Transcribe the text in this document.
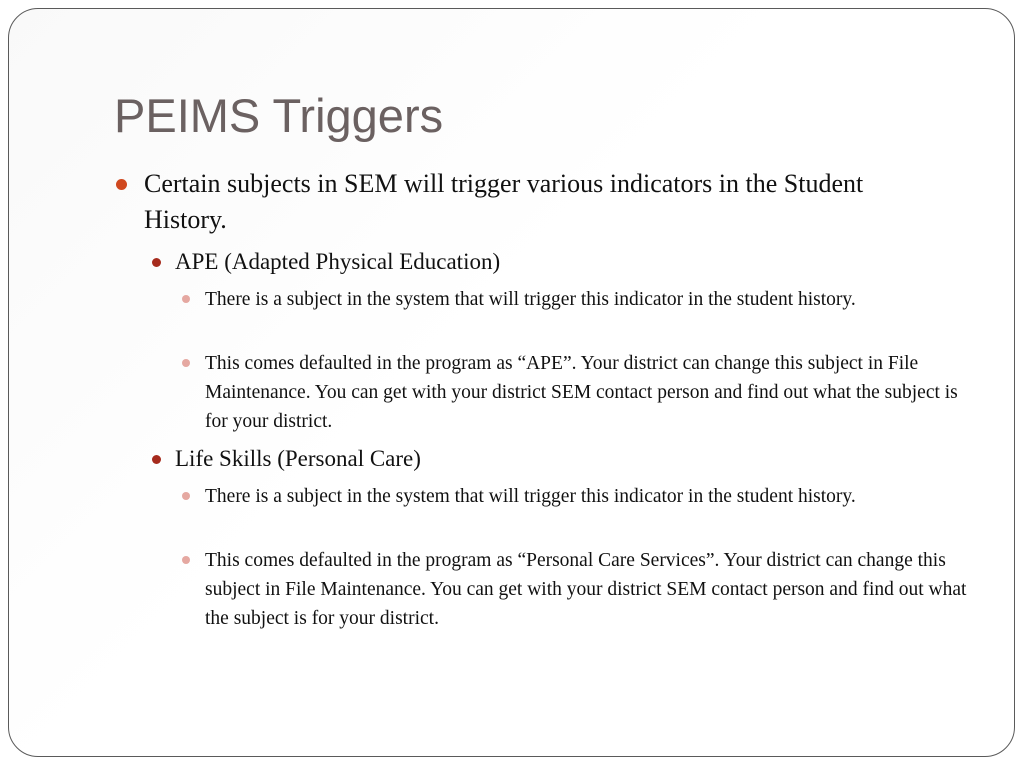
PEIMS Triggers
Certain subjects in SEM will trigger various indicators in the Student History.
APE (Adapted Physical Education)
There is a subject in the system that will trigger this indicator in the student history.
This comes defaulted in the program as “APE”. Your district can change this subject in File Maintenance. You can get with your district SEM contact person and find out what the subject is for your district.
Life Skills (Personal Care)
There is a subject in the system that will trigger this indicator in the student history.
This comes defaulted in the program as “Personal Care Services”. Your district can change this subject in File Maintenance. You can get with your district SEM contact person and find out what the subject is for your district.
